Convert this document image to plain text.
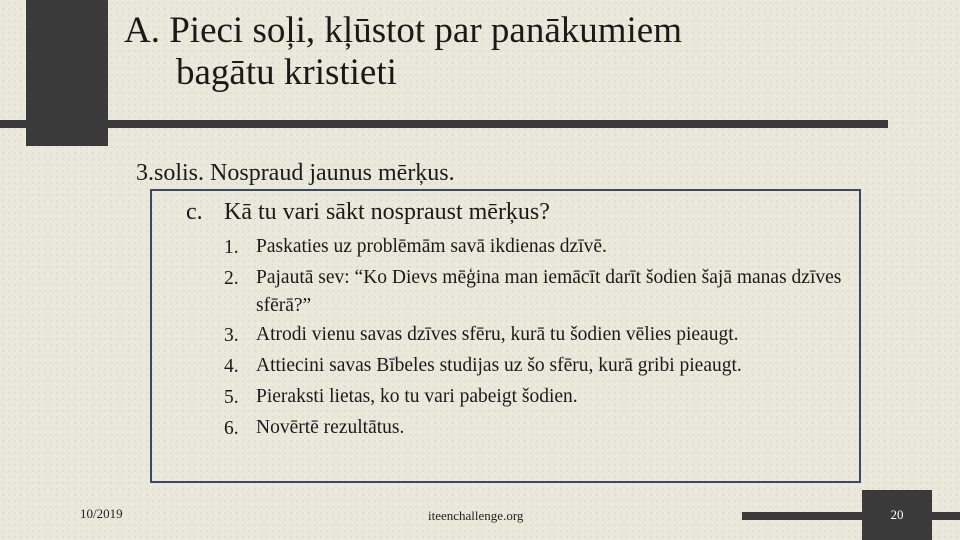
A. Pieci soļi, kļūstot par panākumiem
bagātu kristieti
3.solis. Nospraud jaunus mērķus.
c. Kā tu vari sākt nospraust mērķus?
1. Paskaties uz problēmām savā ikdienas dzīvē.
2. Pajautā sev: “Ko Dievs mēģina man iemācīt darīt šodien šajā manas dzīves sfērā?”
3. Atrodi vienu savas dzīves sfēru, kurā tu šodien vēlies pieaugt.
4. Attiecini savas Bībeles studijas uz šo sfēru, kurā gribi pieaugt.
5. Pieraksti lietas, ko tu vari pabeigt šodien.
6. Novērtē rezultātus.
10/2019	iteenchallenge.org	20
